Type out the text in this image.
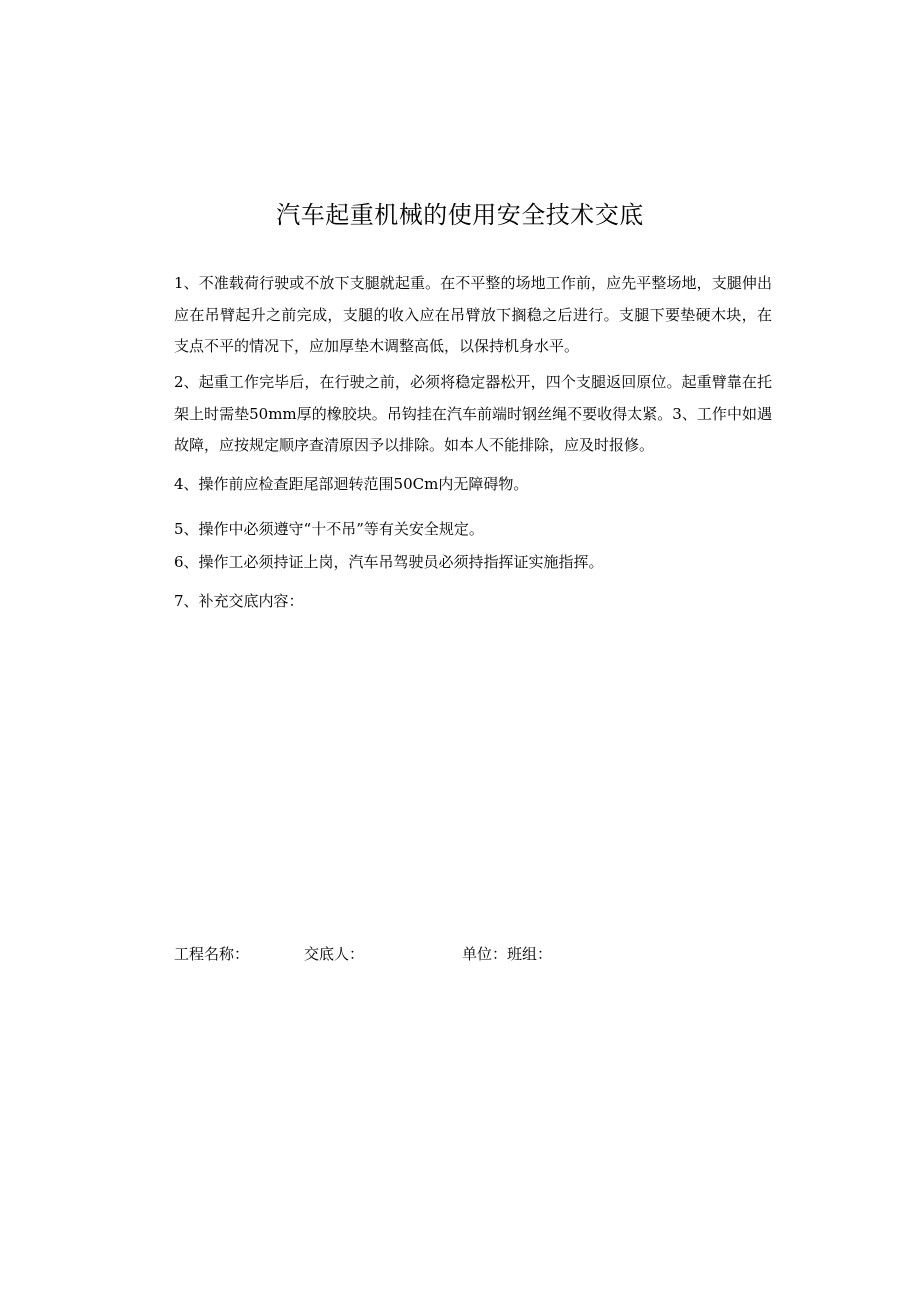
汽车起重机械的使用安全技术交底
1、不准载荷行驶或不放下支腿就起重。在不平整的场地工作前，应先平整场地，支腿伸出应在吊臂起升之前完成，支腿的收入应在吊臂放下搁稳之后进行。支腿下要垫硬木块，在支点不平的情况下，应加厚垫木调整高低，以保持机身水平。
2、起重工作完毕后，在行驶之前，必须将稳定器松开，四个支腿返回原位。起重臂靠在托架上时需垫50mm厚的橡胶块。吊钩挂在汽车前端时钢丝绳不要收得太紧。3、工作中如遇故障，应按规定顺序查清原因予以排除。如本人不能排除，应及时报修。
4、操作前应检查距尾部迴转范围50Cm内无障碍物。
5、操作中必须遵守“十不吊”等有关安全规定。
6、操作工必须持证上岗，汽车吊驾驶员必须持指挥证实施指挥。
7、补充交底内容：
工程名称：	交底人：	单位：班组：
